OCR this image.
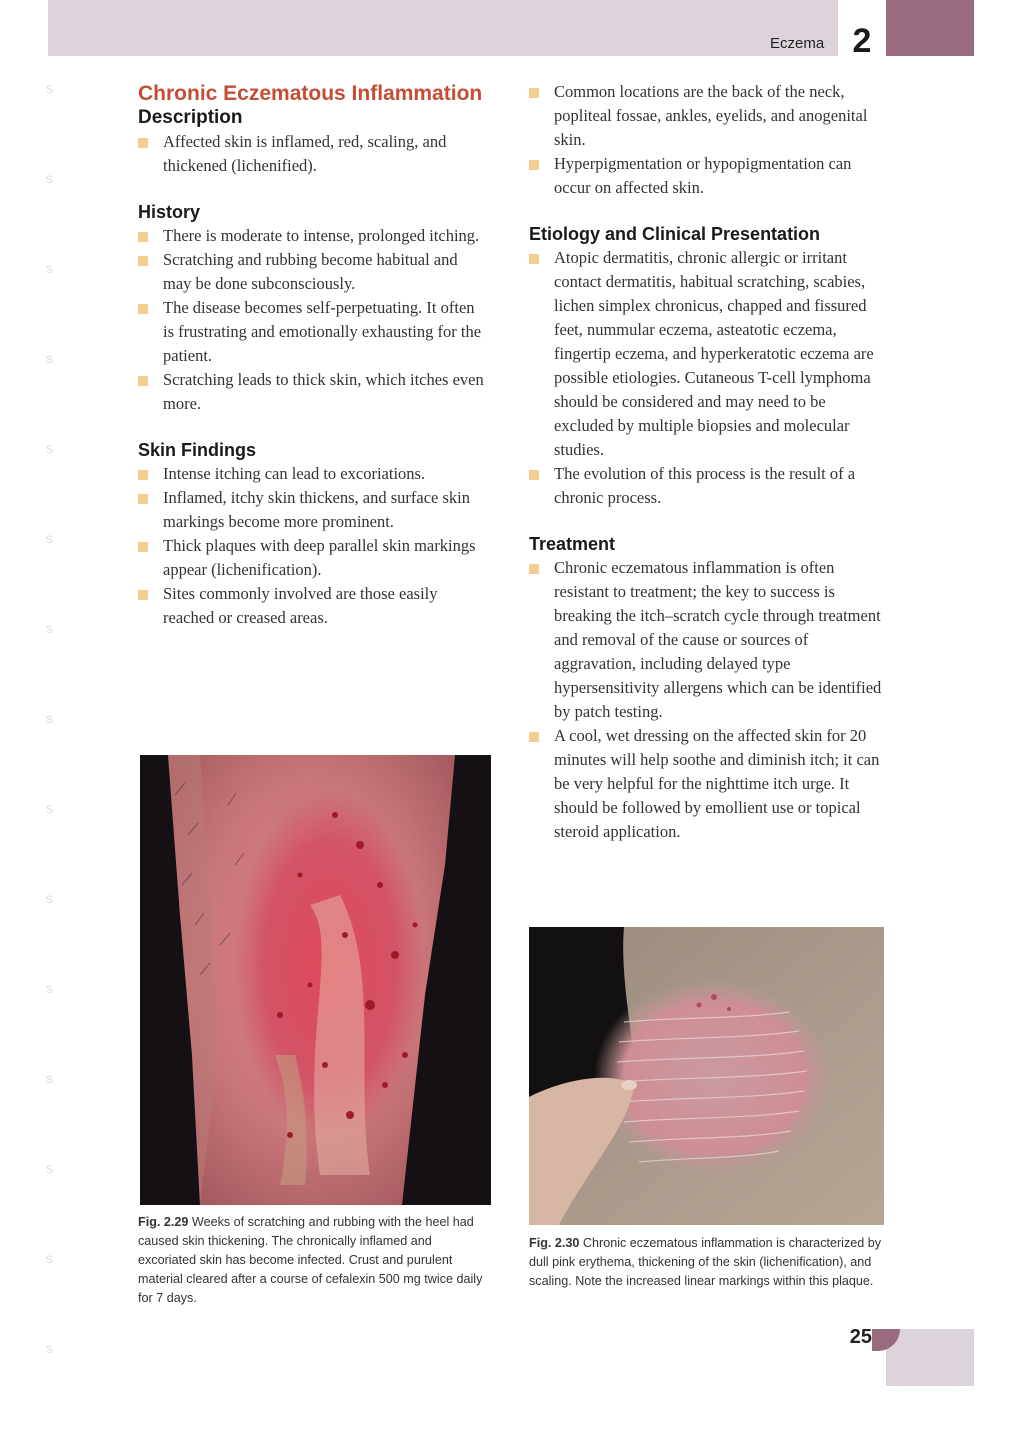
Eczema 2
s
s
s
s
s
s
s
s
s
s
s
s
s
s
s
Chronic Eczematous Inflammation
Description
Affected skin is inflamed, red, scaling, and thickened (lichenified).
History
There is moderate to intense, prolonged itching.
Scratching and rubbing become habitual and may be done subconsciously.
The disease becomes self-perpetuating. It often is frustrating and emotionally exhausting for the patient.
Scratching leads to thick skin, which itches even more.
Skin Findings
Intense itching can lead to excoriations.
Inflamed, itchy skin thickens, and surface skin markings become more prominent.
Thick plaques with deep parallel skin markings appear (lichenification).
Sites commonly involved are those easily reached or creased areas.
Common locations are the back of the neck, popliteal fossae, ankles, eyelids, and anogenital skin.
Hyperpigmentation or hypopigmentation can occur on affected skin.
Etiology and Clinical Presentation
Atopic dermatitis, chronic allergic or irritant contact dermatitis, habitual scratching, scabies, lichen simplex chronicus, chapped and fissured feet, nummular eczema, asteatotic eczema, fingertip eczema, and hyperkeratotic eczema are possible etiologies. Cutaneous T-cell lymphoma should be considered and may need to be excluded by multiple biopsies and molecular studies.
The evolution of this process is the result of a chronic process.
Treatment
Chronic eczematous inflammation is often resistant to treatment; the key to success is breaking the itch–scratch cycle through treatment and removal of the cause or sources of aggravation, including delayed type hypersensitivity allergens which can be identified by patch testing.
A cool, wet dressing on the affected skin for 20 minutes will help soothe and diminish itch; it can be very helpful for the nighttime itch urge. It should be followed by emollient use or topical steroid application.
Fig. 2.29 Weeks of scratching and rubbing with the heel had caused skin thickening. The chronically inflamed and excoriated skin has become infected. Crust and purulent material cleared after a course of cefalexin 500 mg twice daily for 7 days.
Fig. 2.30 Chronic eczematous inflammation is characterized by dull pink erythema, thickening of the skin (lichenification), and scaling. Note the increased linear markings within this plaque.
25
